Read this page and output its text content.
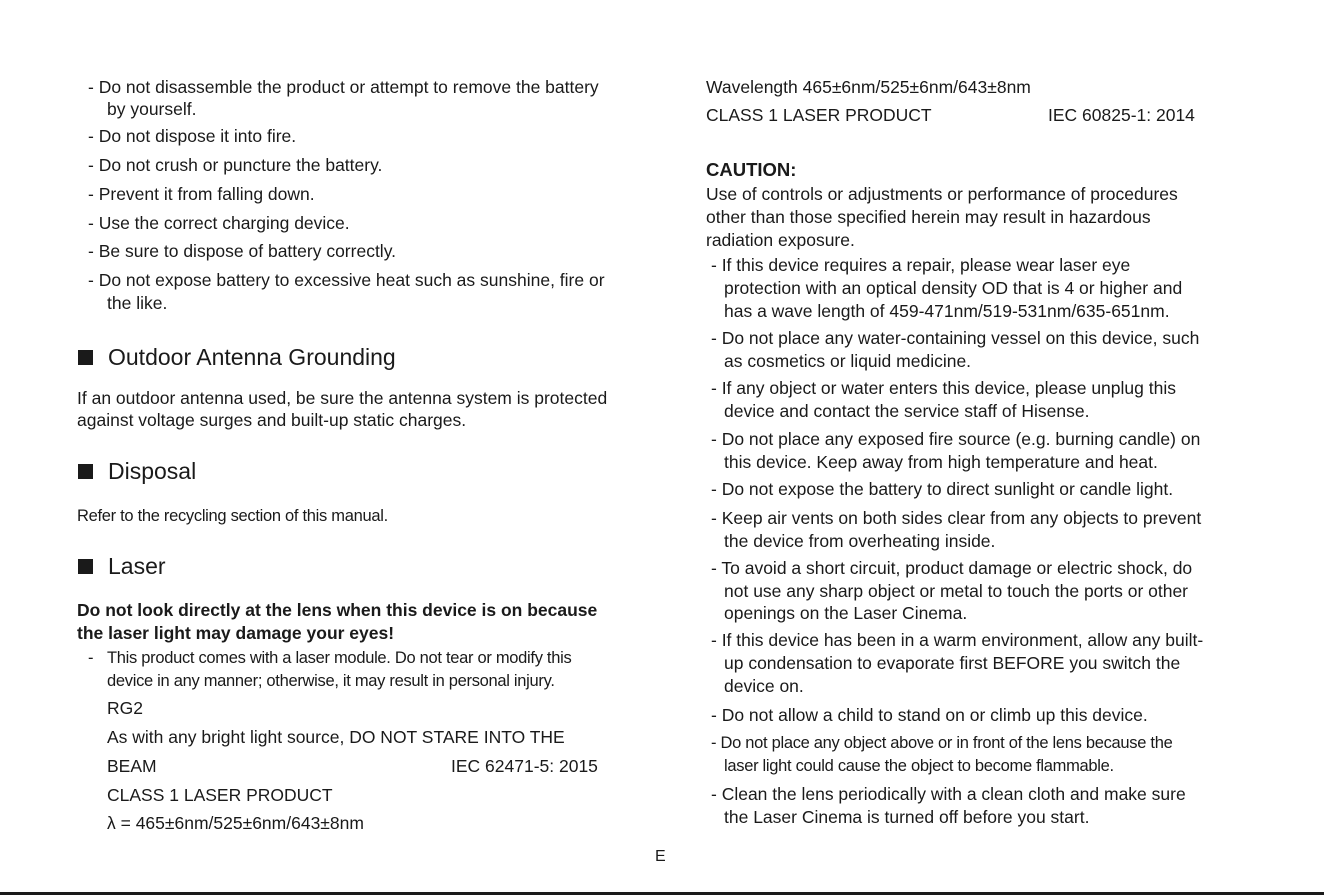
- Do not disassemble the product or attempt to remove the battery
by yourself.
- Do not dispose it into fire.
- Do not crush or puncture the battery.
- Prevent it from falling down.
- Use the correct charging device.
- Be sure to dispose of battery correctly.
- Do not expose battery to excessive heat such as sunshine, fire or
the like.
Outdoor Antenna Grounding
If an outdoor antenna used, be sure the antenna system is protected
against voltage surges and built-up static charges.
Disposal
Refer to the recycling section of this manual.
Laser
Do not look directly at the lens when this device is on because
the laser light may damage your eyes!
- This product comes with a laser module. Do not tear or modify this
device in any manner; otherwise, it may result in personal injury.
RG2
As with any bright light source, DO NOT STARE INTO THE
BEAM	IEC 62471-5: 2015
CLASS 1 LASER PRODUCT
λ = 465±6nm/525±6nm/643±8nm
Wavelength 465±6nm/525±6nm/643±8nm
CLASS 1 LASER PRODUCT	IEC 60825-1: 2014
CAUTION:
Use of controls or adjustments or performance of procedures
other than those specified herein may result in hazardous
radiation exposure.
- If this device requires a repair, please wear laser eye
protection with an optical density OD that is 4 or higher and
has a wave length of 459-471nm/519-531nm/635-651nm.
- Do not place any water-containing vessel on this device, such
as cosmetics or liquid medicine.
- If any object or water enters this device, please unplug this
device and contact the service staff of Hisense.
- Do not place any exposed fire source (e.g. burning candle) on
this device. Keep away from high temperature and heat.
- Do not expose the battery to direct sunlight or candle light.
- Keep air vents on both sides clear from any objects to prevent
the device from overheating inside.
- To avoid a short circuit, product damage or electric shock, do
not use any sharp object or metal to touch the ports or other
openings on the Laser Cinema.
- If this device has been in a warm environment, allow any built-
up condensation to evaporate first BEFORE you switch the
device on.
- Do not allow a child to stand on or climb up this device.
- Do not place any object above or in front of the lens because the
laser light could cause the object to become flammable.
- Clean the lens periodically with a clean cloth and make sure
the Laser Cinema is turned off before you start.
E
